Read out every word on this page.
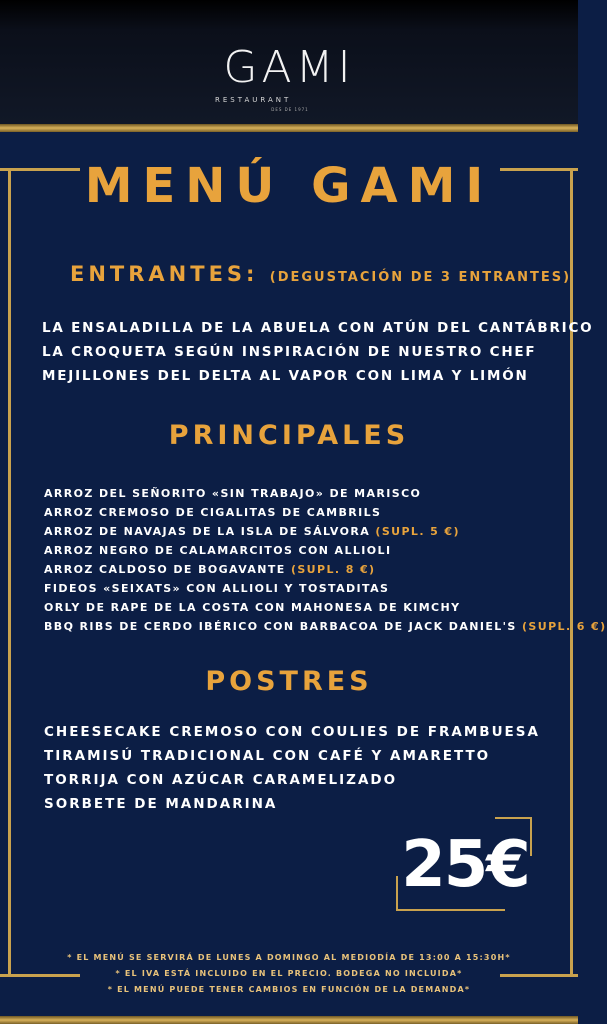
GAMI
RESTAURANT
DES DE 1971
MENÚ GAMI
ENTRANTES: (DEGUSTACIÓN DE 3 ENTRANTES)
LA ENSALADILLA DE LA ABUELA CON ATÚN DEL CANTÁBRICO
LA CROQUETA SEGÚN INSPIRACIÓN DE NUESTRO CHEF
MEJILLONES DEL DELTA AL VAPOR CON LIMA Y LIMÓN
PRINCIPALES
ARROZ DEL SEÑORITO «SIN TRABAJO» DE MARISCO
ARROZ CREMOSO DE CIGALITAS DE CAMBRILS
ARROZ DE NAVAJAS DE LA ISLA DE SÁLVORA (SUPL. 5 €)
ARROZ NEGRO DE CALAMARCITOS CON ALLIOLI
ARROZ CALDOSO DE BOGAVANTE (SUPL. 8 €)
FIDEOS «SEIXATS» CON ALLIOLI Y TOSTADITAS
ORLY DE RAPE DE LA COSTA CON MAHONESA DE KIMCHY
BBQ RIBS DE CERDO IBÉRICO CON BARBACOA DE JACK DANIEL'S (SUPL. 6 €)
POSTRES
CHEESECAKE CREMOSO CON COULIES DE FRAMBUESA
TIRAMISÚ TRADICIONAL CON CAFÉ Y AMARETTO
TORRIJA CON AZÚCAR CARAMELIZADO
SORBETE DE MANDARINA
25€
* EL MENÚ SE SERVIRÁ DE LUNES A DOMINGO AL MEDIODÍA DE 13:00 A 15:30H*
* EL IVA ESTÁ INCLUIDO EN EL PRECIO. BODEGA NO INCLUIDA*
* EL MENÚ PUEDE TENER CAMBIOS EN FUNCIÓN DE LA DEMANDA*
